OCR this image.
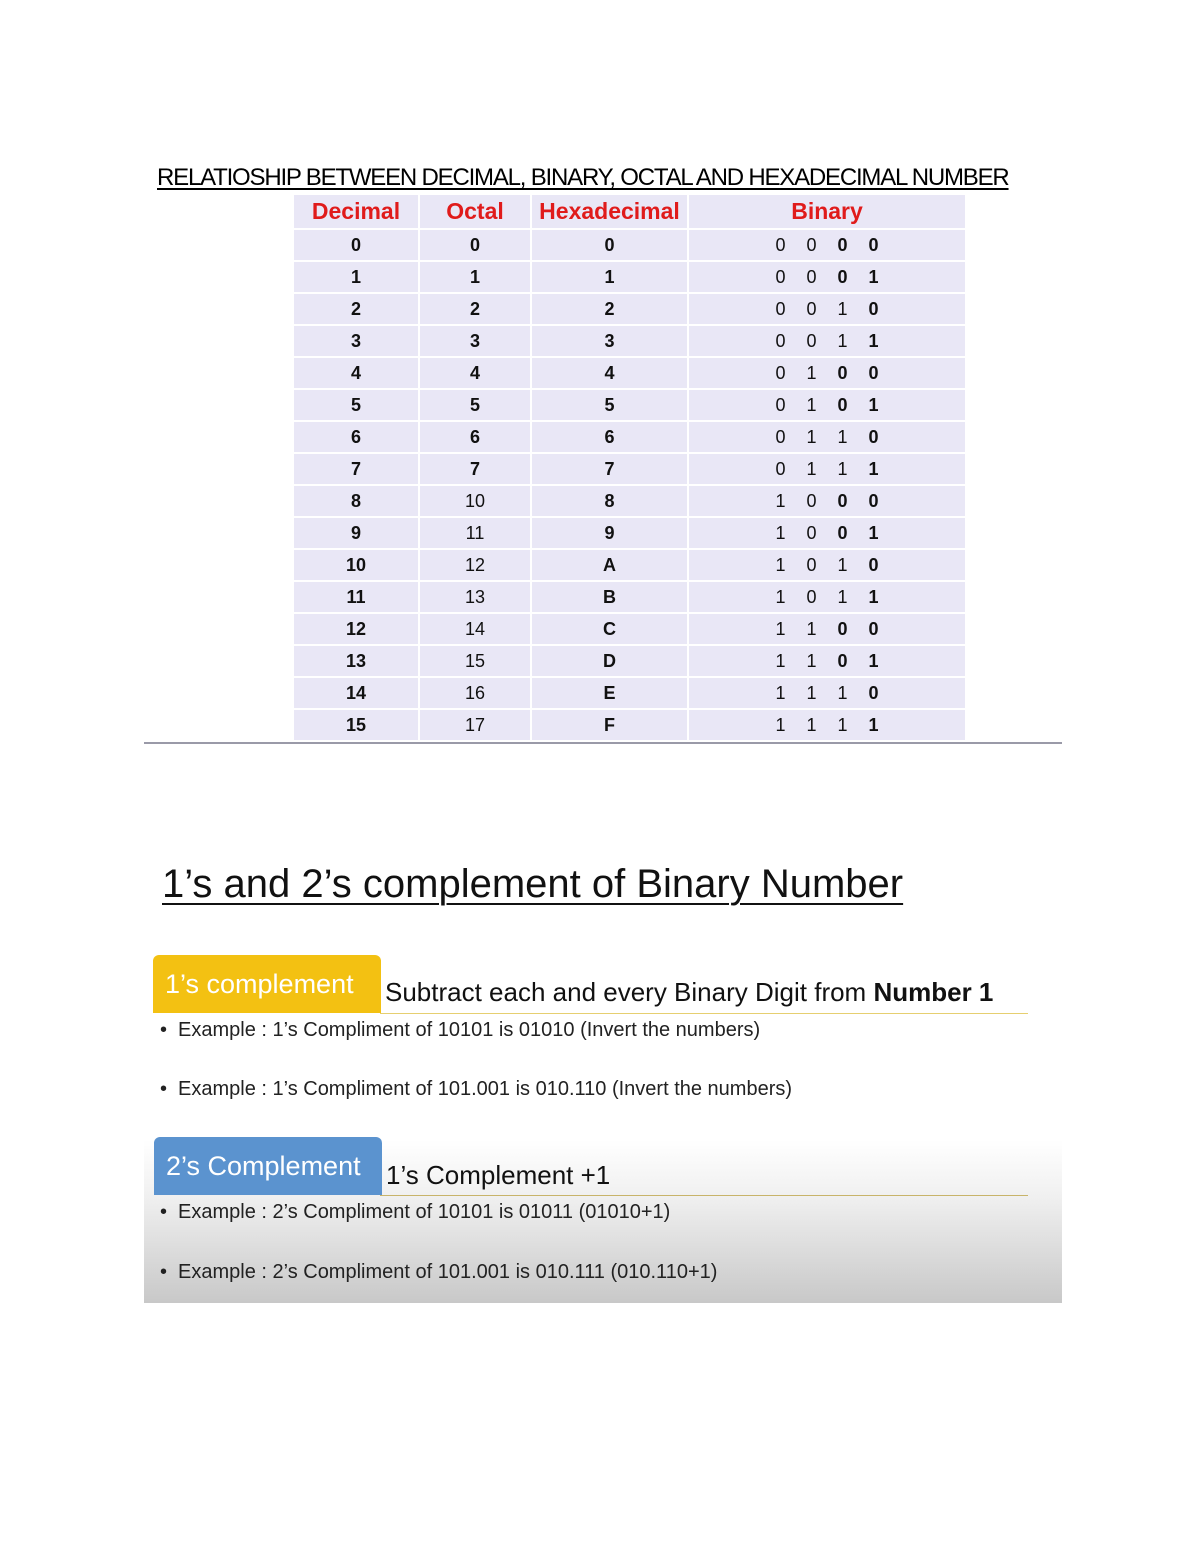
RELATIOSHIP BETWEEN DECIMAL, BINARY, OCTAL AND HEXADECIMAL NUMBER
Decimal	Octal	Hexadecimal	Binary
0	0	0	0 0 0 0
1	1	1	0 0 0 1
2	2	2	0 0 1 0
3	3	3	0 0 1 1
4	4	4	0 1 0 0
5	5	5	0 1 0 1
6	6	6	0 1 1 0
7	7	7	0 1 1 1
8	10	8	1 0 0 0
9	11	9	1 0 0 1
10	12	A	1 0 1 0
11	13	B	1 0 1 1
12	14	C	1 1 0 0
13	15	D	1 1 0 1
14	16	E	1 1 1 0
15	17	F	1 1 1 1
1’s and 2’s complement of Binary Number
1’s complement	Subtract each and every Binary Digit from Number 1
• Example : 1’s Compliment of 10101 is 01010 (Invert the numbers)
• Example : 1’s Compliment of 101.001 is 010.110 (Invert the numbers)
2’s Complement 1’s Complement +1
• Example : 2’s Compliment of 10101 is 01011 (01010+1)
• Example : 2’s Compliment of 101.001 is 010.111 (010.110+1)
